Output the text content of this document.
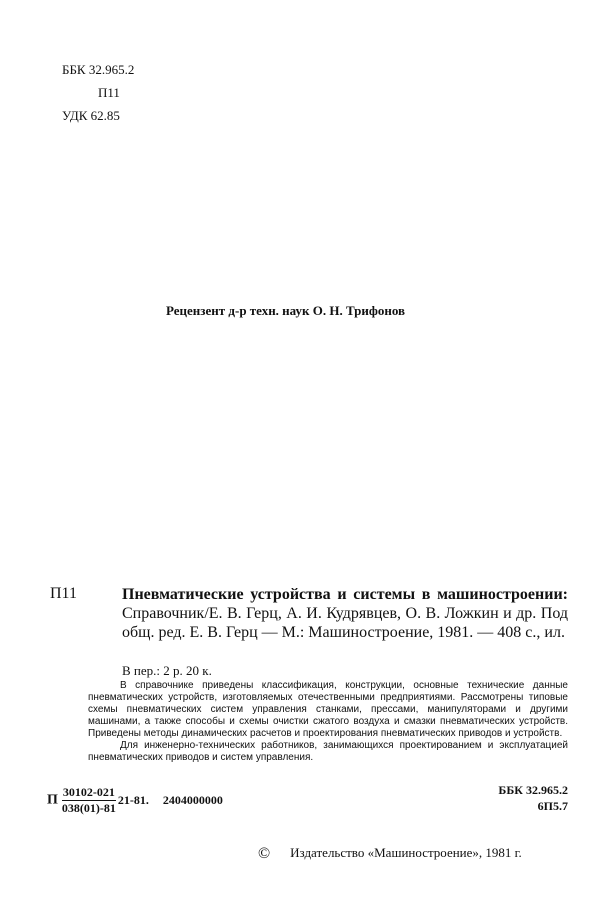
ББК 32.965.2
П11
УДК 62.85
Рецензент д-р техн. наук О. Н. Трифонов
П11	Пневматические устройства и системы в машиностроении: Справочник/Е. В. Герц, А. И. Кудрявцев, О. В. Ложкин и др. Под общ. ред. Е. В. Герц — М.: Машиностроение, 1981. — 408 с., ил.
В пер.: 2 р. 20 к.

В справочнике приведены классификация, конструкции, основные технические данные пневматических устройств, изготовляемых отечественными предприятиями. Рассмотрены типовые схемы пневматических систем управления станками, прессами, манипуляторами и другими машинами, а также способы и схемы очистки сжатого воздуха и смазки пневматических устройств. Приведены методы динамических расчетов и проектирования пневматических приводов и устройств.

Для инженерно-технических работников, занимающихся проектированием и эксплуатацией пневматических приводов и систем управления.

П $\frac{30102-021}{038(01)-81} 21-81$. 2404000000
ББК 32.965.2
6П5.7
© Издательство «Машиностроение», 1981 г.
